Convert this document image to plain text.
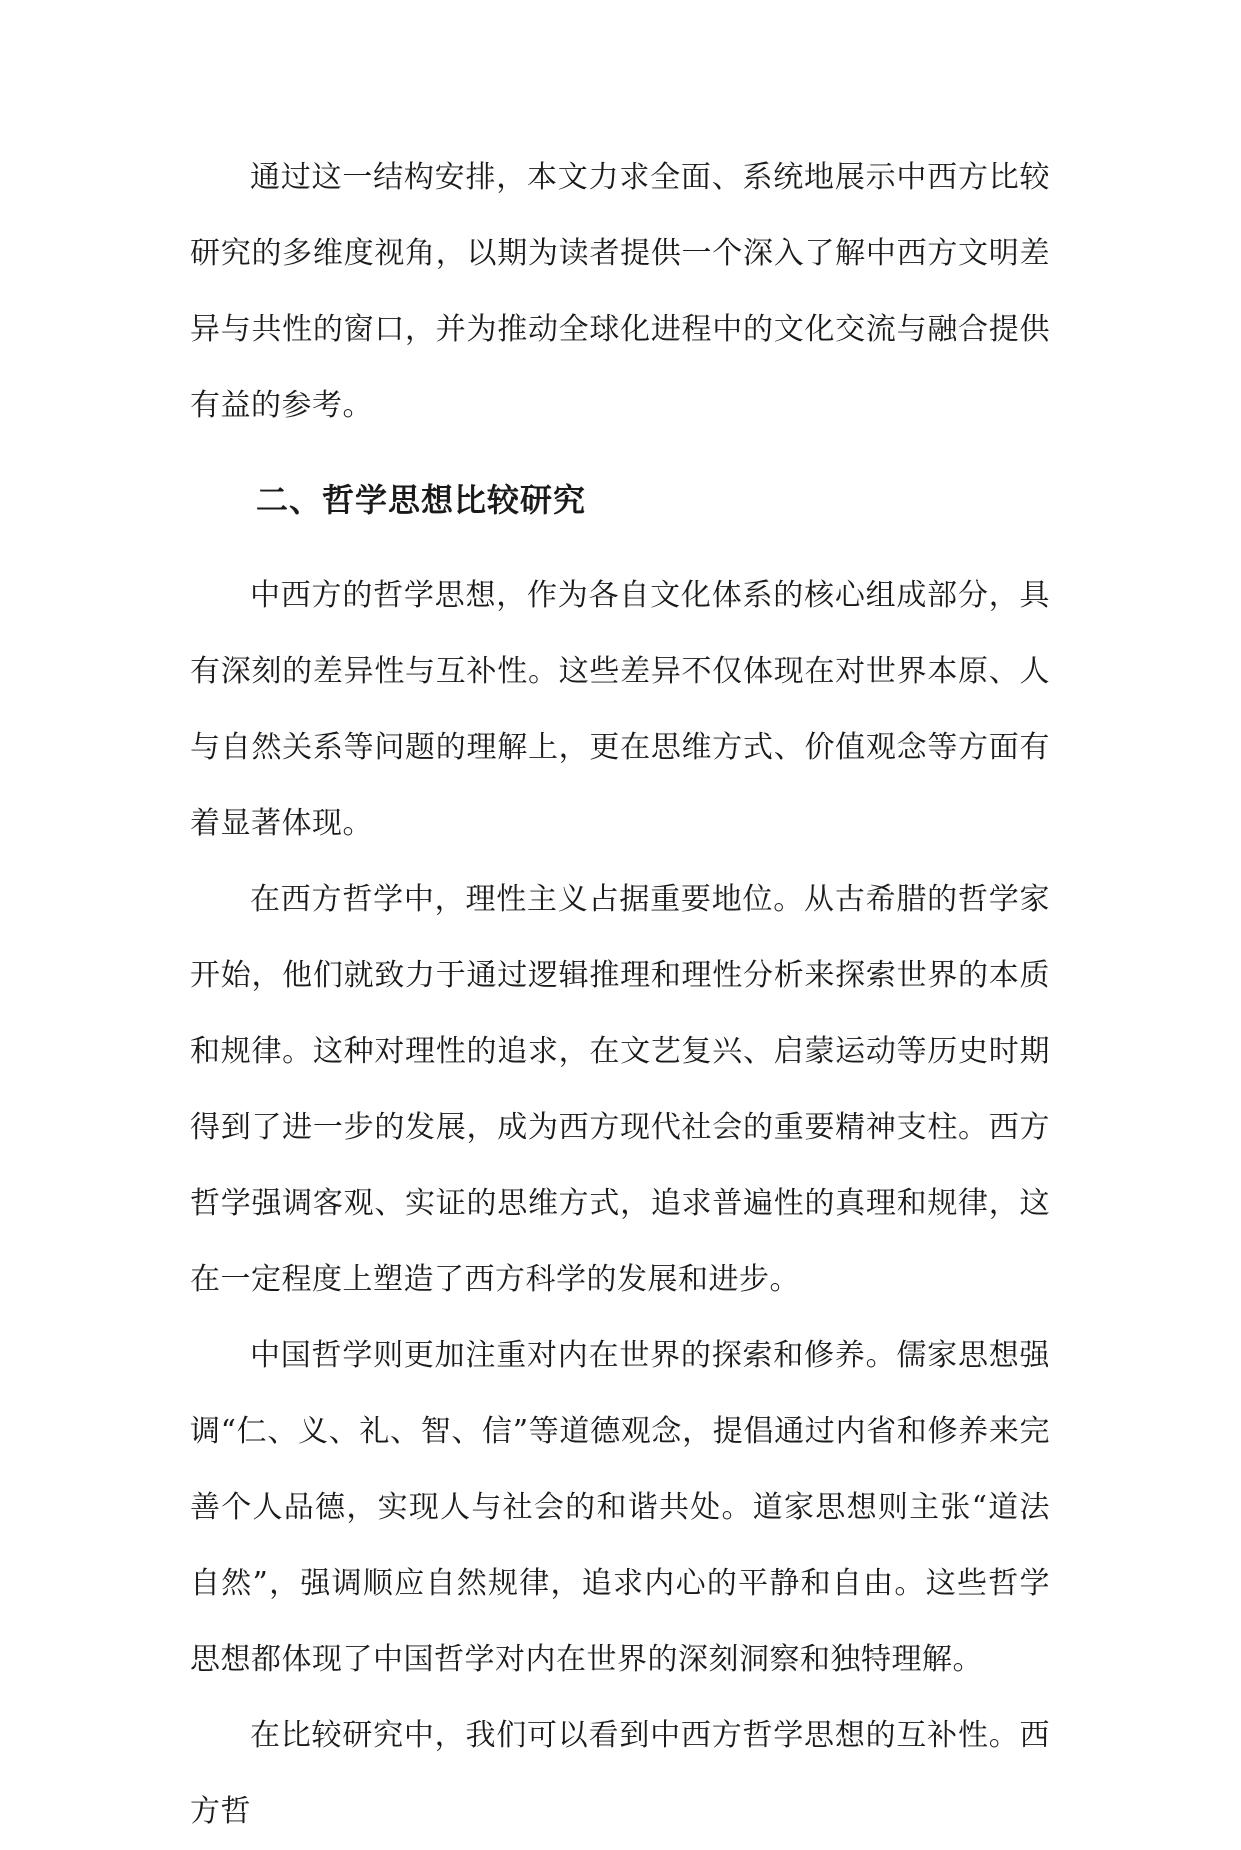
通过这一结构安排，本文力求全面、系统地展示中西方比较研究的多维度视角，以期为读者提供一个深入了解中西方文明差异与共性的窗口，并为推动全球化进程中的文化交流与融合提供有益的参考。

二、哲学思想比较研究

中西方的哲学思想，作为各自文化体系的核心组成部分，具有深刻的差异性与互补性。这些差异不仅体现在对世界本原、人与自然关系等问题的理解上，更在思维方式、价值观念等方面有着显著体现。

在西方哲学中，理性主义占据重要地位。从古希腊的哲学家开始，他们就致力于通过逻辑推理和理性分析来探索世界的本质和规律。这种对理性的追求，在文艺复兴、启蒙运动等历史时期得到了进一步的发展，成为西方现代社会的重要精神支柱。西方哲学强调客观、实证的思维方式，追求普遍性的真理和规律，这在一定程度上塑造了西方科学的发展和进步。

中国哲学则更加注重对内在世界的探索和修养。儒家思想强调“仁、义、礼、智、信”等道德观念，提倡通过内省和修养来完善个人品德，实现人与社会的和谐共处。道家思想则主张“道法自然”，强调顺应自然规律，追求内心的平静和自由。这些哲学思想都体现了中国哲学对内在世界的深刻洞察和独特理解。

在比较研究中，我们可以看到中西方哲学思想的互补性。西方哲
